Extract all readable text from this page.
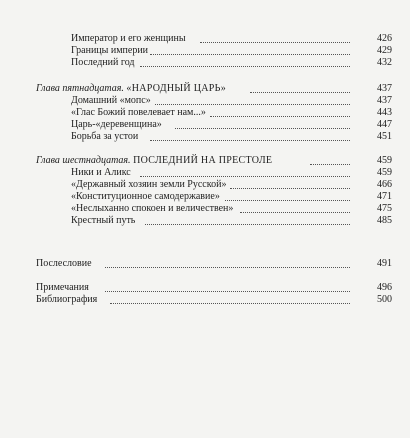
Император и его женщины	426
Границы империи	429
Последний год	432
Глава пятнадцатая. «НАРОДНЫЙ ЦАРЬ»	437
Домашний «мопс»	437
«Глас Божий повелевает нам...»	443
Царь-«деревенщина»	447
Борьба за устои	451
Глава шестнадцатая. ПОСЛЕДНИЙ НА ПРЕСТОЛЕ	459
Ники и Аликс	459
«Державный хозяин земли Русской»	466
«Конституционное самодержавие»	471
«Неслыханно спокоен и величествен»	475
Крестный путь	485
Послесловие	491
Примечания	496
Библиография	500
